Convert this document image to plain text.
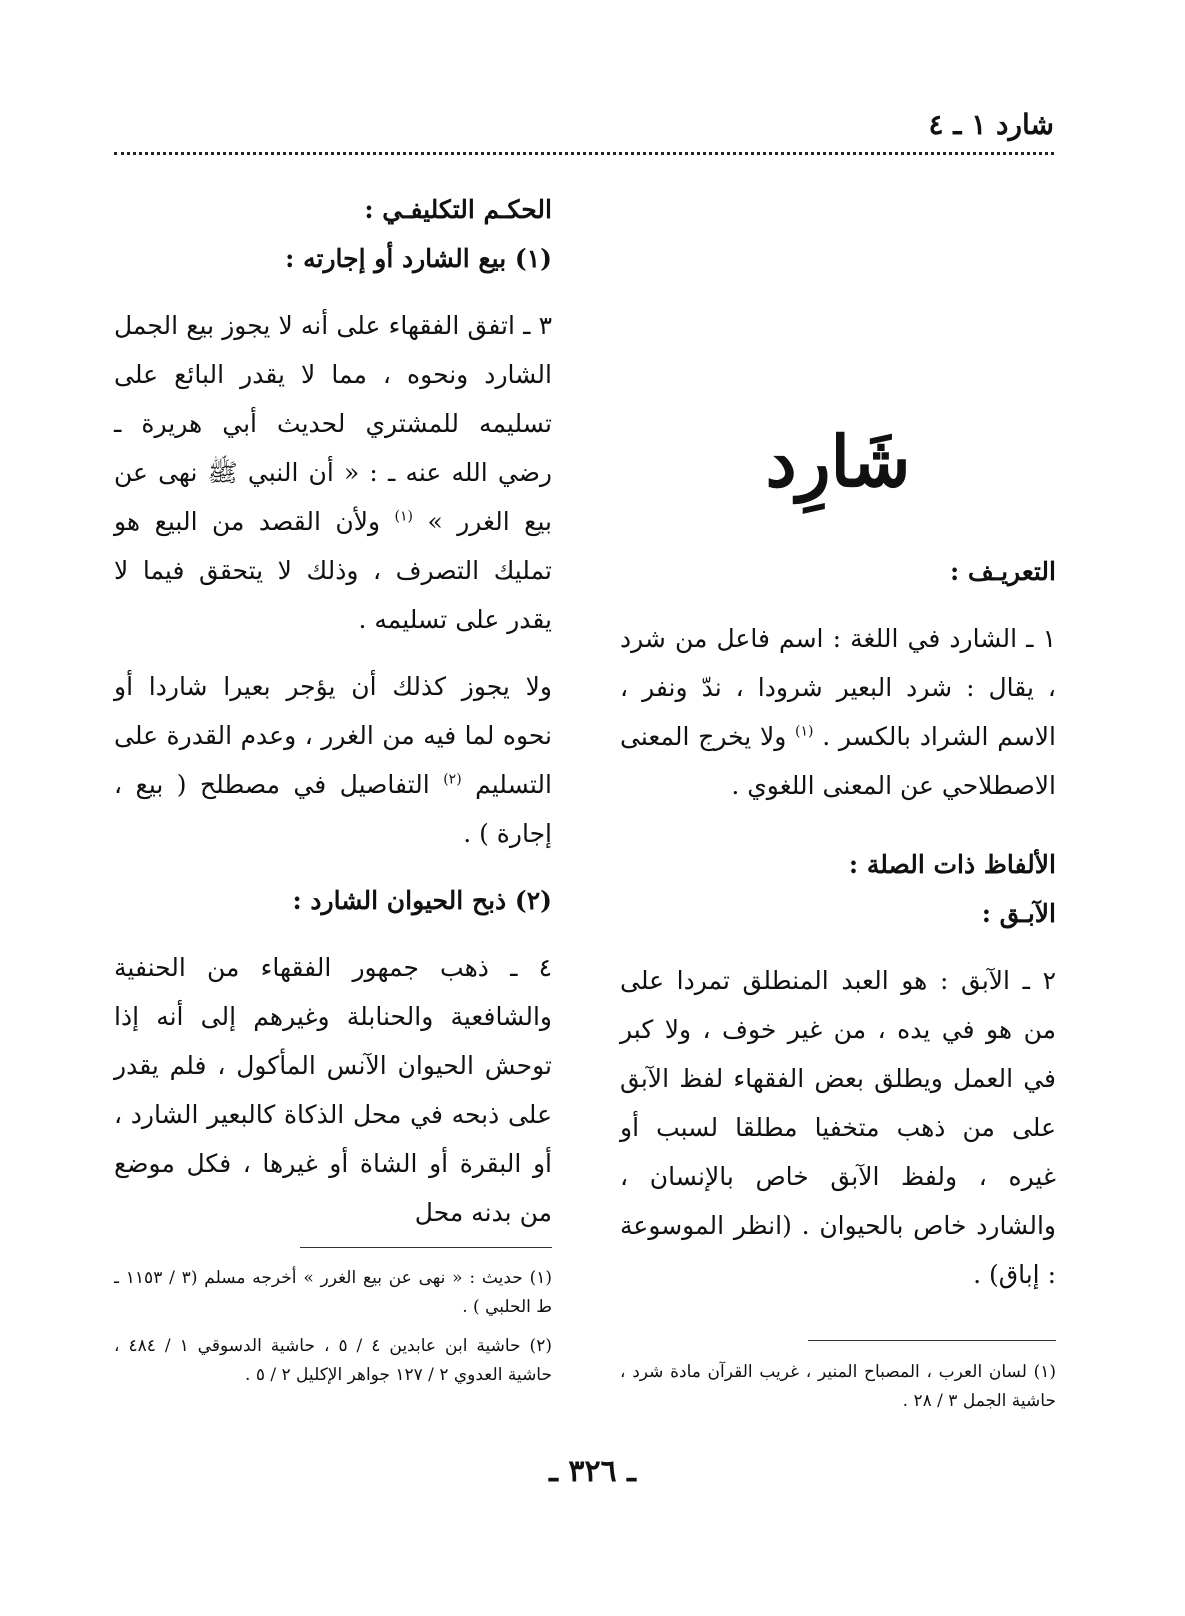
شارد ١ ـ ٤
شَارِد

التعريـف :

١ ـ الشارد في اللغة : اسم فاعل من شرد ، يقال : شرد البعير شرودا ، ندّ ونفر ، الاسم الشراد بالكسر . $^{(١)}$ ولا يخرج المعنى الاصطلاحي عن المعنى اللغوي .

الألفاظ ذات الصلة :

الآبـق :

٢ ـ الآبق : هو العبد المنطلق تمردا على من هو في يده ، من غير خوف ، ولا كبر في العمل ويطلق بعض الفقهاء لفظ الآبق على من ذهب متخفيا مطلقا لسبب أو غيره ، ولفظ الآبق خاص بالإنسان ، والشارد خاص بالحيوان . (انظر الموسوعة : إباق) .

الحكـم التكليفـي :

(١) بيع الشارد أو إجارته :

٣ ـ اتفق الفقهاء على أنه لا يجوز بيع الجمل الشارد ونحوه ، مما لا يقدر البائع على تسليمه للمشتري لحديث أبي هريرة ـ رضي الله عنه ـ : « أن النبي ﷺ نهى عن بيع الغرر » $^{(١)}$ ولأن القصد من البيع هو تمليك التصرف ، وذلك لا يتحقق فيما لا يقدر على تسليمه .

ولا يجوز كذلك أن يؤجر بعيرا شاردا أو نحوه لما فيه من الغرر ، وعدم القدرة على التسليم $^{(٢)}$ التفاصيل في مصطلح ( بيع ، إجارة ) .

(٢) ذبح الحيوان الشارد :

٤ ـ ذهب جمهور الفقهاء من الحنفية والشافعية والحنابلة وغيرهم إلى أنه إذا توحش الحيوان الآنس المأكول ، فلم يقدر على ذبحه في محل الذكاة كالبعير الشارد ، أو البقرة أو الشاة أو غيرها ، فكل موضع من بدنه محل

(١) حديث : « نهى عن بيع الغرر » أخرجه مسلم (٣ / ١١٥٣ ـ ط الحلبي ) .

(٢) حاشية ابن عابدين ٤ / ٥ ، حاشية الدسوقي ١ / ٤٨٤ ، حاشية العدوي ٢ / ١٢٧ جواهر الإكليل ٢ / ٥ .	(١) لسان العرب ، المصباح المنير ، غريب القرآن مادة شرد ، حاشية الجمل ٣ / ٢٨ .

ـ ٣٢٦ ـ
